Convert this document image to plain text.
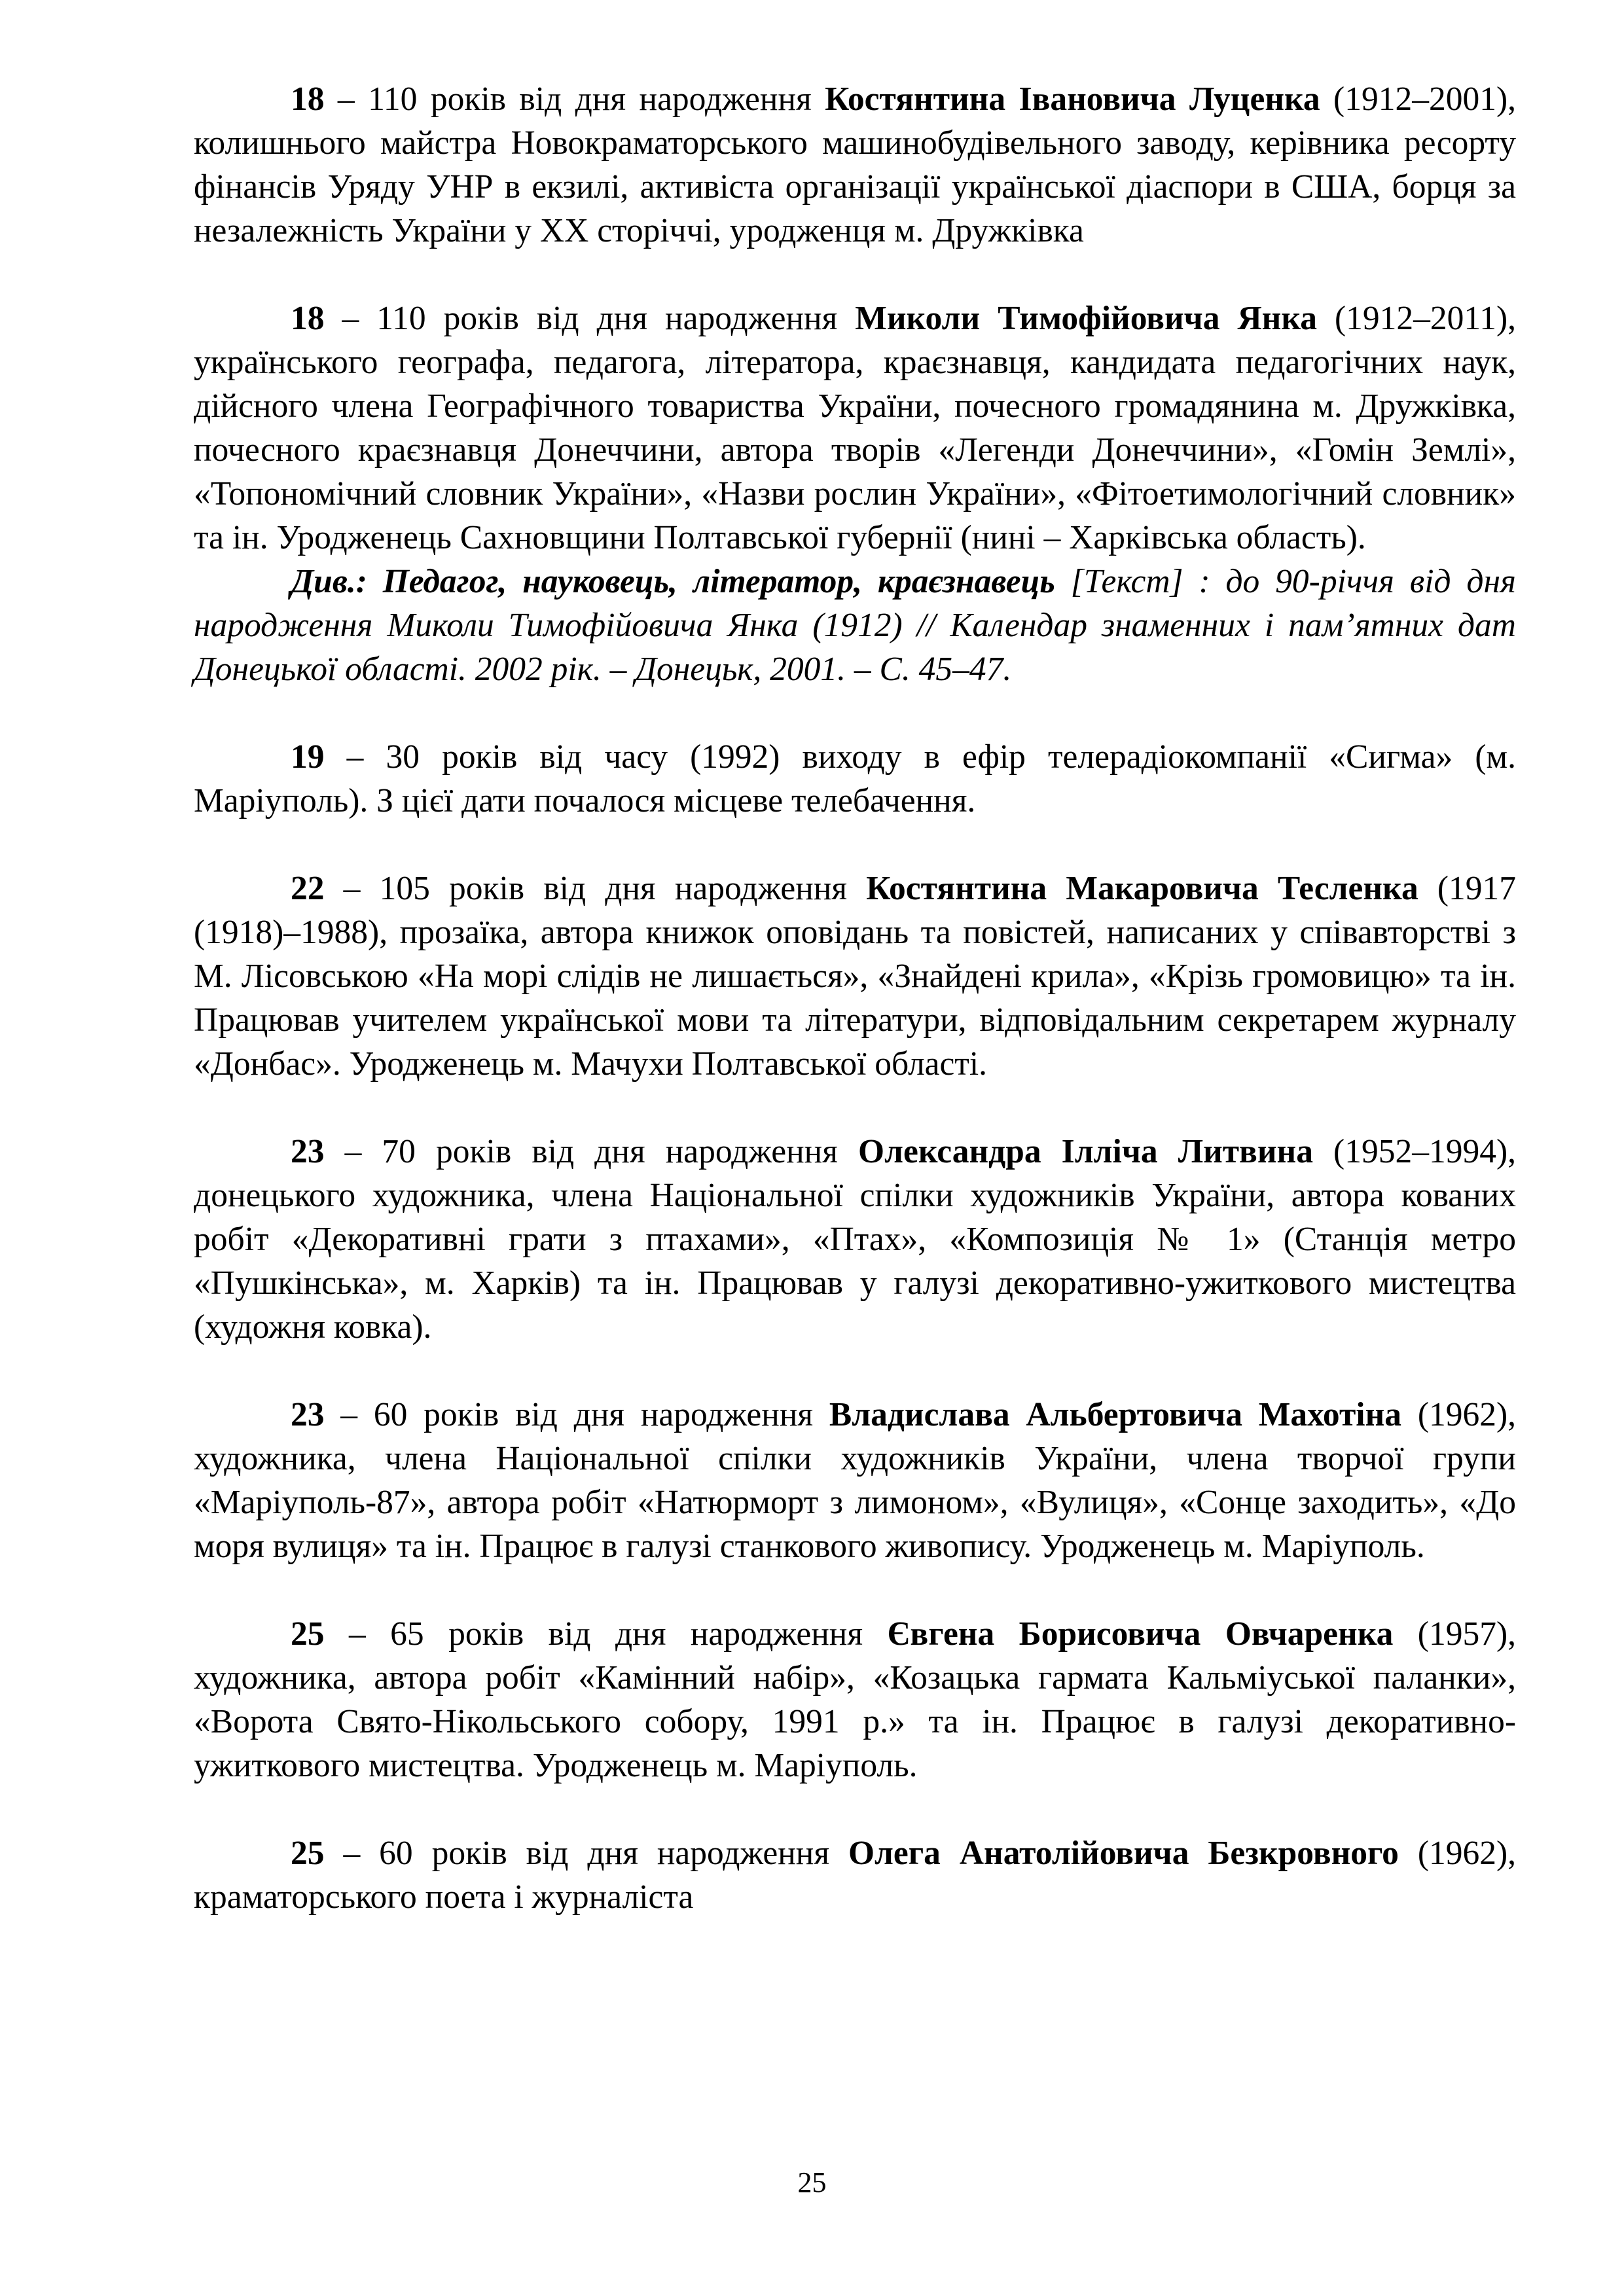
18 – 110 років від дня народження Костянтина Івановича Луценка (1912–2001), колишнього майстра Новокраматорського машинобудівельного заводу, керівника ресорту фінансів Уряду УНР в екзилі, активіста організації української діаспори в США, борця за незалежність України у ХХ сторіччі, уродженця м. Дружківка

18 – 110 років від дня народження Миколи Тимофійовича Янка (1912–2011), українського географа, педагога, літератора, краєзнавця, кандидата педагогічних наук, дійсного члена Географічного товариства України, почесного громадянина м. Дружківка, почесного краєзнавця Донеччини, автора творів «Легенди Донеччини», «Гомін Землі», «Топономічний словник України», «Назви рослин України», «Фітоетимологічний словник» та ін. Уродженець Сахновщини Полтавської губернії (нині – Харківська область).

Див.: Педагог, науковець, літератор, краєзнавець [Текст] : до 90-річчя від дня народження Миколи Тимофійовича Янка (1912) // Календар знаменних і пам’ятних дат Донецької області. 2002 рік. – Донецьк, 2001. – С. 45–47.

19 – 30 років від часу (1992) виходу в ефір телерадіокомпанії «Сигма» (м. Маріуполь). З цієї дати почалося місцеве телебачення.

22 – 105 років від дня народження Костянтина Макаровича Тесленка (1917 (1918)–1988), прозаїка, автора книжок оповідань та повістей, написаних у співавторстві з М. Лісовською «На морі слідів не лишається», «Знайдені крила», «Крізь громовицю» та ін. Працював учителем української мови та літератури, відповідальним секретарем журналу «Донбас». Уродженець м. Мачухи Полтавської області.

23 – 70 років від дня народження Олександра Ілліча Литвина (1952–1994), донецького художника, члена Національної спілки художників України, автора кованих робіт «Декоративні грати з птахами», «Птах», «Композиція № 1» (Станція метро «Пушкінська», м. Харків) та ін. Працював у галузі декоративно-ужиткового мистецтва (художня ковка).

23 – 60 років від дня народження Владислава Альбертовича Махотіна (1962), художника, члена Національної спілки художників України, члена творчої групи «Маріуполь-87», автора робіт «Натюрморт з лимоном», «Вулиця», «Сонце заходить», «До моря вулиця» та ін. Працює в галузі станкового живопису. Уродженець м. Маріуполь.

25 – 65 років від дня народження Євгена Борисовича Овчаренка (1957), художника, автора робіт «Камінний набір», «Козацька гармата Кальміуської паланки», «Ворота Свято-Нікольського собору, 1991 р.» та ін. Працює в галузі декоративно-ужиткового мистецтва. Уродженець м. Маріуполь.

25 – 60 років від дня народження Олега Анатолійовича Безкровного (1962), краматорського поета і журналіста

25
